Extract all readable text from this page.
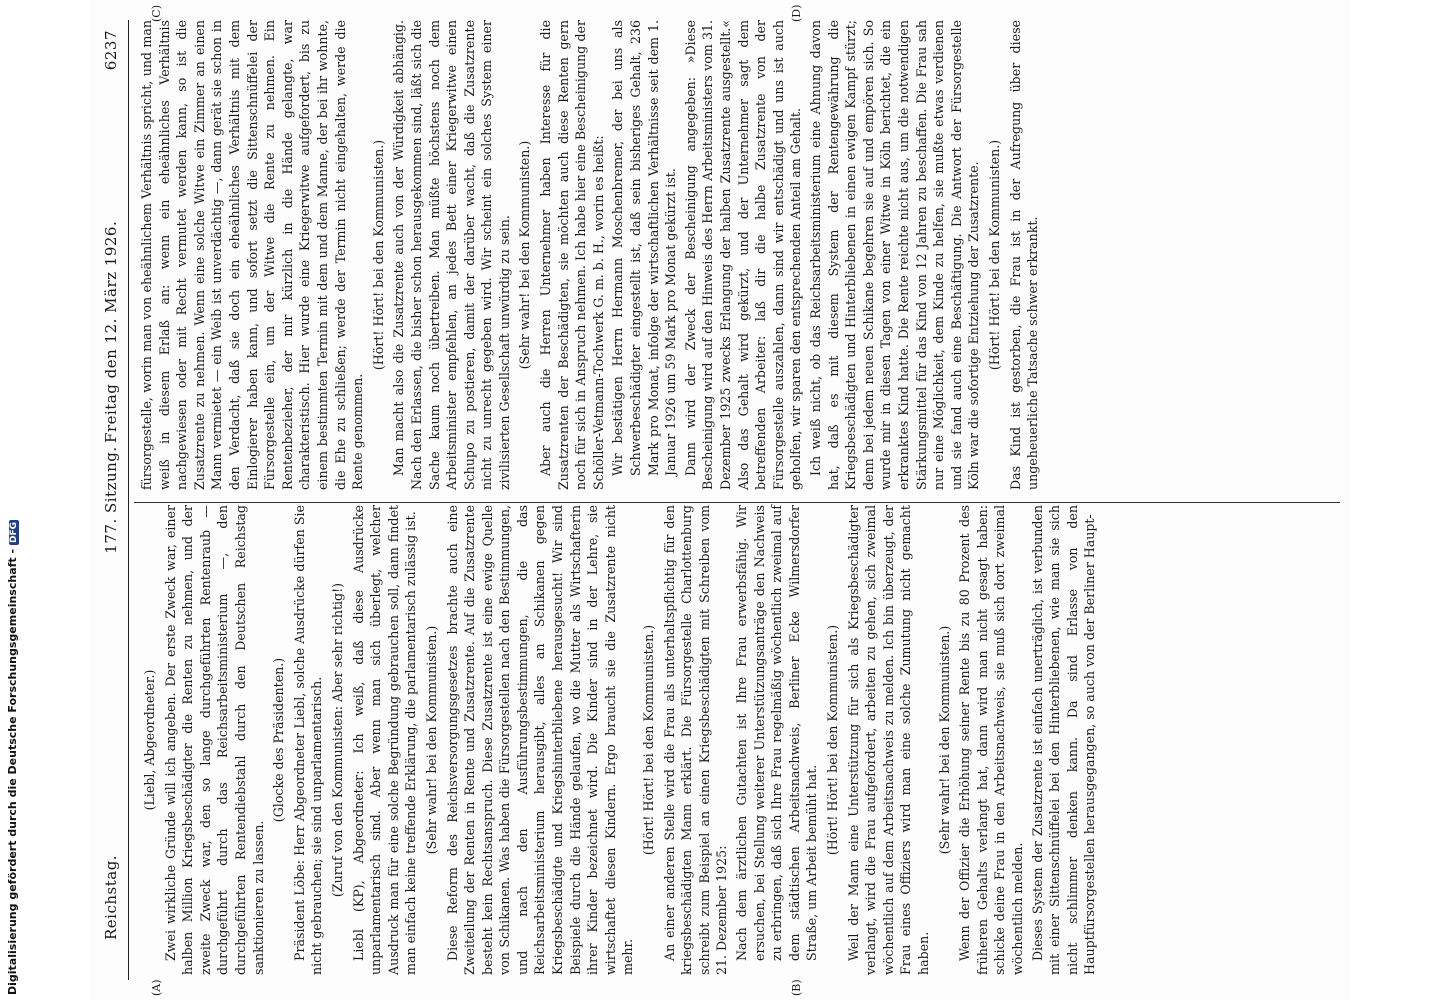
Digitalisierung gefördert durch die Deutsche Forschungsgemeinschaft -DFG
Reichstag.
177. Sitzung.
Freitag den 12. März 1926.  6237
(A)	(B)
(C)	(D)

(Liebl, Abgeordneter.) Zwei wirkliche Gründe will ich angeben. Der erste Zweck war, einer halben Million Kriegsbeschädigter die Renten zu nehmen, und der zweite Zweck war, den so lange durchgeführten Rentenraub — durchgeführt durch das Reichsarbeitsministerium —, den durchgeführten Rentendiebstahl durch den Deutschen Reichstag sanktionieren zu lassen.

(Glocke des Präsidenten.) Präsident Löbe: Herr Abgeordneter Liebl, solche Ausdrücke dürfen Sie nicht gebrauchen; sie sind unparlamentarisch. (Zuruf von den Kommunisten: Aber sehr richtig!) Liebl (KP), Abgeordneter: Ich weiß, daß diese Ausdrücke unparlamentarisch sind. Aber wenn man sich überlegt, welcher Ausdruck man für eine solche Begründung gebrauchen soll, dann findet man einfach keine treffende Erklärung, die parlamentarisch zulässig ist. (Sehr wahr! bei den Kommunisten.) Diese Reform des Reichsversorgungsgesetzes brachte auch eine Zweiteilung der Renten in Rente und Zusatzrente. Auf die Zusatzrente besteht kein Rechtsanspruch. Diese Zusatzrente ist eine ewige Quelle von Schikanen. Was haben die Fürsorgestellen nach den Bestimmungen, und nach den Ausführungsbestimmungen, die das Reichsarbeitsministerium herausgibt, alles an Schikanen gegen Kriegsbeschädigte und Kriegshinterbliebene herausgesucht! Wir sind Beispiele durch die Hände gelaufen, wo die Mutter als Wirtschafterin ihrer Kinder bezeichnet wird. Die Kinder sind in der Lehre, sie wirtschaftet diesen Kindern. Ergo braucht sie die Zusatzrente nicht mehr.

(Hört! Hört! bei den Kommunisten.) An einer anderen Stelle wird die Frau als unterhaltspflichtig für den kriegsbeschädigten Mann erklärt. Die Fürsorgestelle Charlottenburg schreibt zum Beispiel an einen Kriegsbeschädigten mit Schreiben vom 21. Dezember 1925: Nach dem ärztlichen Gutachten ist Ihre Frau erwerbsfähig. Wir ersuchen, bei Stellung weiterer Unterstützungsanträge den Nachweis zu erbringen, daß sich Ihre Frau regelmäßig wöchentlich zweimal auf dem städtischen Arbeitsnachweis, Berliner Ecke Wilmersdorfer Straße, um Arbeit bemüht hat.

(Hört! Hört! bei den Kommunisten.) Weil der Mann eine Unterstützung für sich als Kriegsbeschädigter verlangt, wird die Frau aufgefordert, arbeiten zu gehen, sich zweimal wöchentlich auf dem Arbeitsnachweis zu melden. Ich bin überzeugt, der Frau eines Offiziers wird man eine solche Zumutung nicht gemacht haben.

(Sehr wahr! bei den Kommunisten.) Wenn der Offizier die Erhöhung seiner Rente bis zu 80 Prozent des früheren Gehalts verlangt hat, dann wird man nicht gesagt haben: schicke deine Frau in den Arbeitsnachweis, sie muß sich dort zweimal wöchentlich melden. Dieses System der Zusatzrente ist einfach unerträglich, ist verbunden mit einer Sittenschnüffelei bei den Hinterbliebenen, wie man sie sich nicht schlimmer denken kann. Da sind Erlasse von den Hauptfürsorgestellen herausgegangen, so auch von der Berliner Haupt-

fürsorgestelle, worin man von eheähnlichem Verhältnis spricht, und man weiß in diesem Erlaß an: wenn ein eheähnliches Verhältnis nachgewiesen oder mit Recht vermutet werden kann, so ist die Zusatzrente zu nehmen. Wenn eine solche Witwe ein Zimmer an einen Mann vermietet — ein Weib ist unverdächtig —, dann gerät sie schon in den Verdacht, daß sie doch ein eheähnliches Verhältnis mit dem Einlogierer haben kann, und sofort setzt die Sittenschnüffelei der Fürsorgestelle ein, um der Witwe die Rente zu nehmen. Ein Rentenbezieher, der mir kürzlich in die Hände gelangte, war charakteristisch. Hier wurde eine Kriegerwitwe aufgefordert, bis zu einem bestimmten Termin mit dem und dem Manne, der bei ihr wohnte, die Ehe zu schließen; werde der Termin nicht eingehalten, werde die Rente genommen.

(Hört! Hört! bei den Kommunisten.) Man macht also die Zusatzrente auch von der Würdigkeit abhängig. Nach den Erlassen, die bisher schon herausgekommen sind, läßt sich die Sache kaum noch übertreiben. Man müßte höchstens noch dem Arbeitsminister empfehlen, an jedes Bett einer Kriegerwitwe einen Schupo zu postieren, damit der darüber wacht, daß die Zusatzrente nicht zu unrecht gegeben wird. Wir scheint ein solches System einer zivilisierten Gesellschaft unwürdig zu sein. (Sehr wahr! bei den Kommunisten.) Aber auch die Herren Unternehmer haben Interesse für die Zusatzrenten der Beschädigten, sie möchten auch diese Renten gern noch für sich in Anspruch nehmen. Ich habe hier eine Bescheinigung der Schöller-Vetmann-Tochwerk G. m. b. H., worin es heißt: Wir bestätigen Herrn Hermann Moschenbremer, der bei uns als Schwerbeschädigter eingestellt ist, daß sein bisheriges Gehalt, 236 Mark pro Monat, infolge der wirtschaftlichen Verhältnisse seit dem 1. Januar 1926 um 59 Mark pro Monat gekürzt ist. Dann wird der Zweck der Bescheinigung angegeben: »Diese Bescheinigung wird auf den Hinweis des Herrn Arbeitsministers vom 31. Dezember 1925 zwecks Erlangung der halben Zusatzrente ausgestellt.« Also das Gehalt wird gekürzt, und der Unternehmer sagt dem betreffenden Arbeiter: laß dir die halbe Zusatzrente von der Fürsorgestelle auszahlen, dann sind wir entschädigt und uns ist auch geholfen, wir sparen den entsprechenden Anteil am Gehalt. Ich weiß nicht, ob das Reichsarbeitsministerium eine Ahnung davon hat, daß es mit diesem System der Rentengewährung die Kriegsbeschädigten und Hinterbliebenen in einen ewigen Kampf stürzt; denn bei jedem neuen Schikane begehren sie auf und empören sich. So wurde mir in diesen Tagen von einer Witwe in Köln berichtet, die ein erkranktes Kind hatte. Die Rente reichte nicht aus, um die notwendigen Stärkungsmittel für das Kind von 12 Jahren zu beschaffen. Die Frau sah nur eine Möglichkeit, dem Kinde zu helfen, sie mußte etwas verdienen und sie fand auch eine Beschäftigung. Die Antwort der Fürsorgestelle Köln war die sofortige Entziehung der Zusatzrente. (Hört! Hört! bei den Kommunisten.) Das Kind ist gestorben, die Frau ist in der Aufregung über diese ungeheuerliche Tatsache schwer erkrankt.
